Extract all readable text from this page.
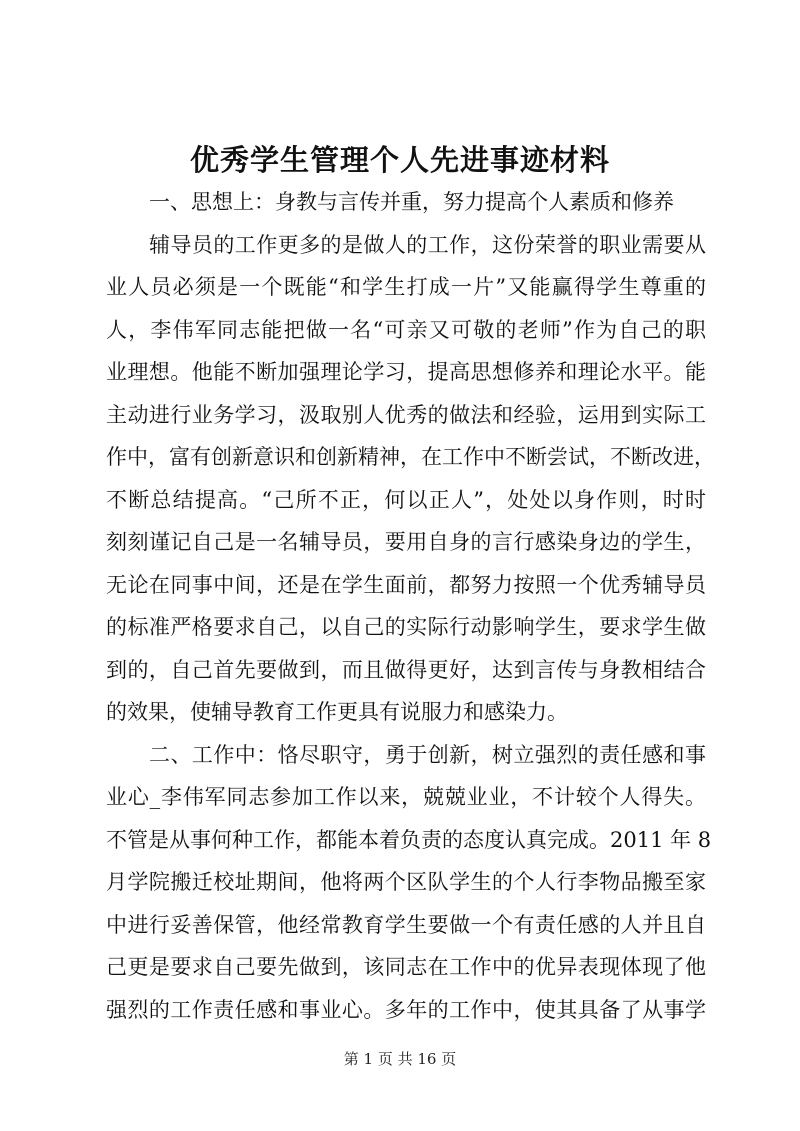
优秀学生管理个人先进事迹材料
一、思想上：身教与言传并重，努力提高个人素质和修养
辅导员的工作更多的是做人的工作，这份荣誉的职业需要从
业人员必须是一个既能“和学生打成一片”又能赢得学生尊重的
人，李伟军同志能把做一名“可亲又可敬的老师”作为自己的职
业理想。他能不断加强理论学习，提高思想修养和理论水平。能
主动进行业务学习，汲取别人优秀的做法和经验，运用到实际工
作中，富有创新意识和创新精神，在工作中不断尝试，不断改进，
不断总结提高。“己所不正，何以正人”，处处以身作则，时时
刻刻谨记自己是一名辅导员，要用自身的言行感染身边的学生，
无论在同事中间，还是在学生面前，都努力按照一个优秀辅导员
的标准严格要求自己，以自己的实际行动影响学生，要求学生做
到的，自己首先要做到，而且做得更好，达到言传与身教相结合
的效果，使辅导教育工作更具有说服力和感染力。
二、工作中：恪尽职守，勇于创新，树立强烈的责任感和事
业心_李伟军同志参加工作以来，兢兢业业，不计较个人得失。
不管是从事何种工作，都能本着负责的态度认真完成。2011 年 8
月学院搬迁校址期间，他将两个区队学生的个人行李物品搬至家
中进行妥善保管，他经常教育学生要做一个有责任感的人并且自
己更是要求自己要先做到，该同志在工作中的优异表现体现了他
强烈的工作责任感和事业心。多年的工作中，使其具备了从事学
第 1 页 共 16 页
